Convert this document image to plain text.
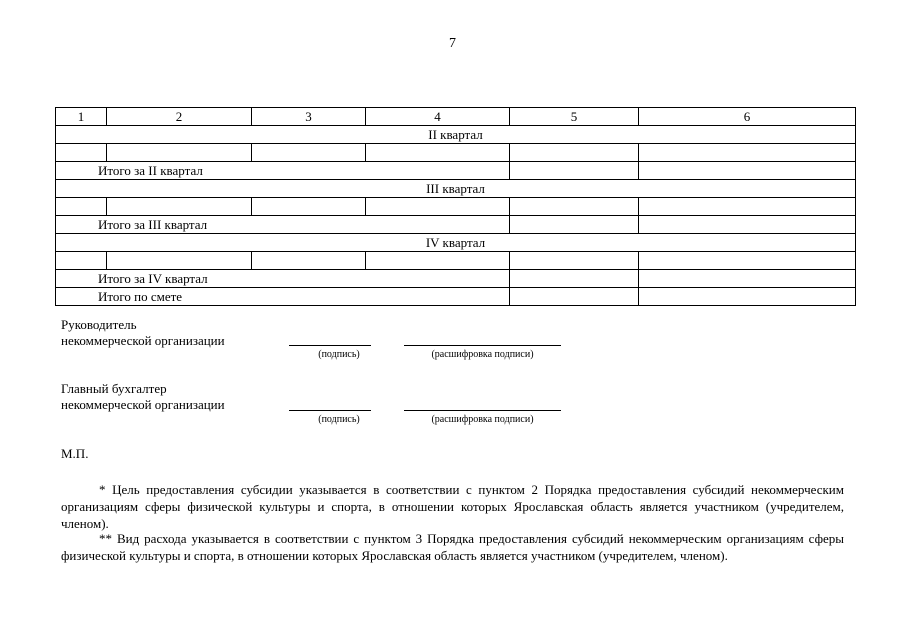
7
1	2	3	4	5	6
II квартал					

Итого за II квартал					
III квартал					

Итого за III квартал					
IV квартал					

Итого за IV квартал					
Итого по смете					
Руководитель
некоммерческой организации
(подпись)	(расшифровка подписи)
Главный бухгалтер
некоммерческой организации
(подпись)	(расшифровка подписи)
М.П.
* Цель предоставления субсидии указывается в соответствии с пунктом 2 Порядка предоставления субсидий некоммерческим организациям сферы физической культуры и спорта, в отношении которых Ярославская область является участником (учредителем, членом).
** Вид расхода указывается в соответствии с пунктом 3 Порядка предоставления субсидий некоммерческим организациям сферы физической культуры и спорта, в отношении которых Ярославская область является участником (учредителем, членом).
